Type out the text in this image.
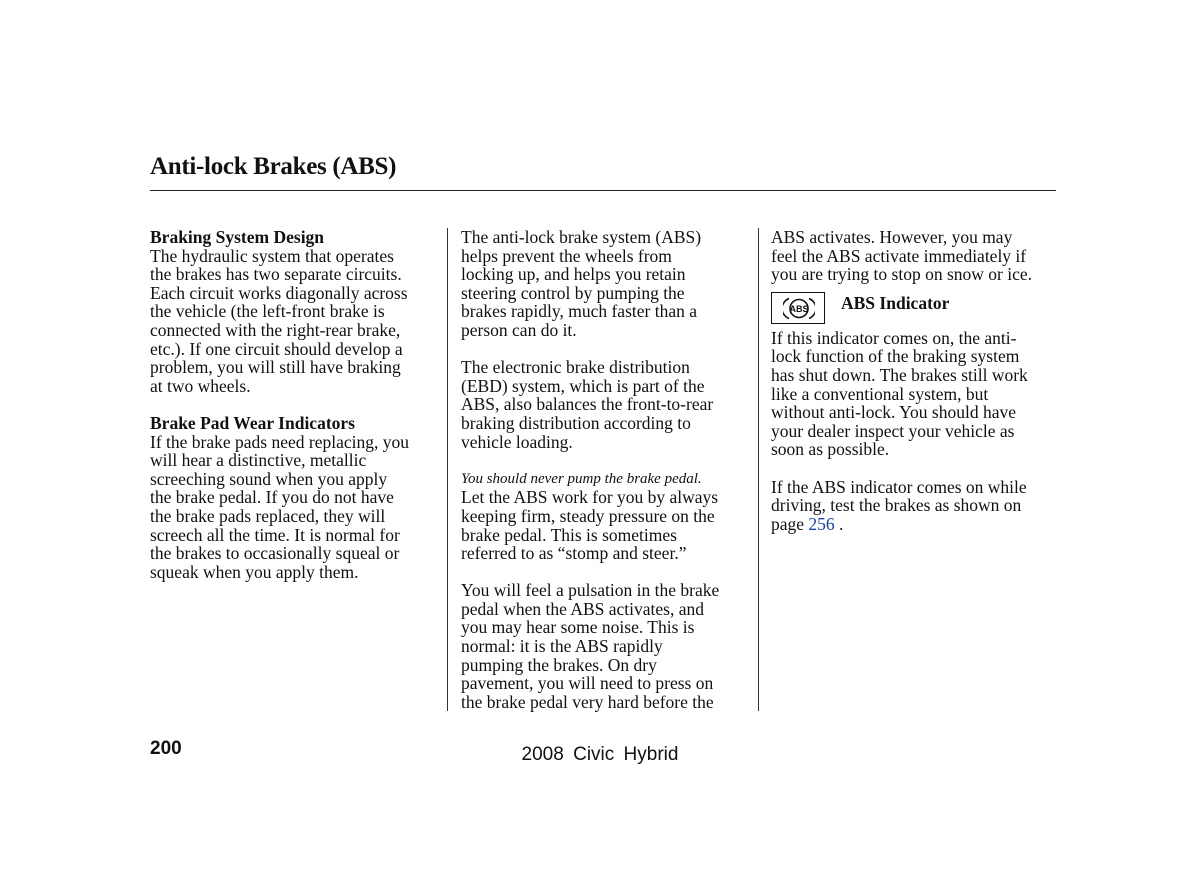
Anti-lock Brakes (ABS)
Braking System Design
The hydraulic system that operates
the brakes has two separate circuits.
Each circuit works diagonally across
the vehicle (the left-front brake is
connected with the right-rear brake,
etc.). If one circuit should develop a
problem, you will still have braking
at two wheels.
Brake Pad Wear Indicators
If the brake pads need replacing, you
will hear a distinctive, metallic
screeching sound when you apply
the brake pedal. If you do not have
the brake pads replaced, they will
screech all the time. It is normal for
the brakes to occasionally squeal or
squeak when you apply them.
The anti-lock brake system (ABS)
helps prevent the wheels from
locking up, and helps you retain
steering control by pumping the
brakes rapidly, much faster than a
person can do it.
The electronic brake distribution
(EBD) system, which is part of the
ABS, also balances the front-to-rear
braking distribution according to
vehicle loading.
You should never pump the brake pedal.
Let the ABS work for you by always
keeping firm, steady pressure on the
brake pedal. This is sometimes
referred to as “stomp and steer.”
You will feel a pulsation in the brake
pedal when the ABS activates, and
you may hear some noise. This is
normal: it is the ABS rapidly
pumping the brakes. On dry
pavement, you will need to press on
the brake pedal very hard before the
ABS activates. However, you may
feel the ABS activate immediately if
you are trying to stop on snow or ice.
ABS ABS Indicator
If this indicator comes on, the anti-
lock function of the braking system
has shut down. The brakes still work
like a conventional system, but
without anti-lock. You should have
your dealer inspect your vehicle as
soon as possible.
If the ABS indicator comes on while
driving, test the brakes as shown on
page 256 .
200	2008 Civic Hybrid
